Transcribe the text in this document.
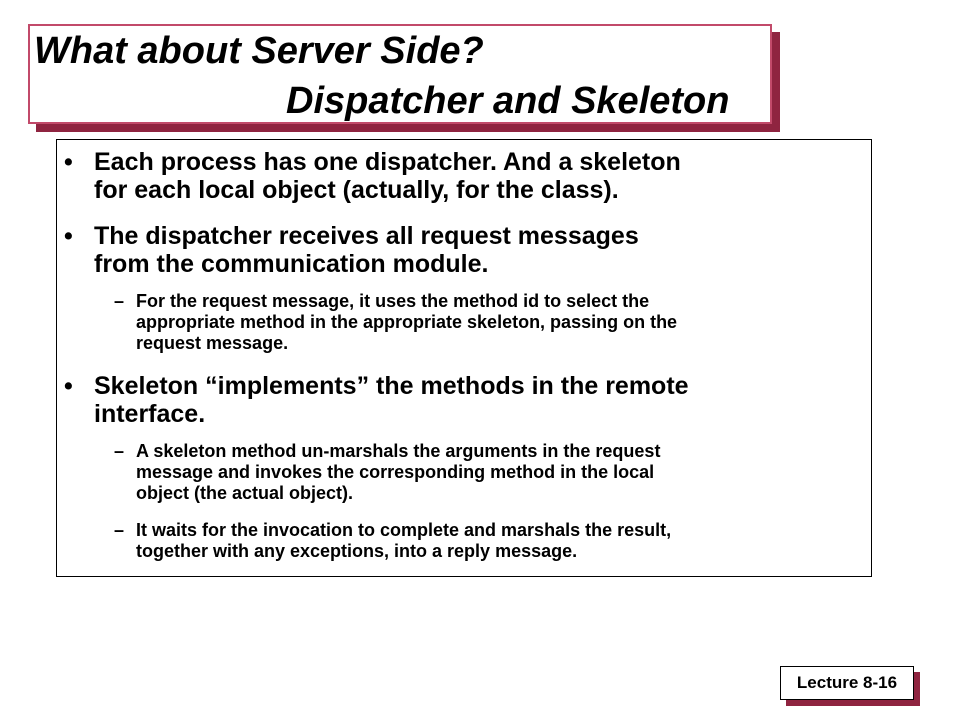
What about Server Side?
Dispatcher and Skeleton
• Each process has one dispatcher. And a skeleton
for each local object (actually, for the class).
• The dispatcher receives all request messages
from the communication module.
– For the request message, it uses the method id to select the
appropriate method in the appropriate skeleton, passing on the
request message.
• Skeleton “implements” the methods in the remote
interface.
– A skeleton method un-marshals the arguments in the request
message and invokes the corresponding method in the local
object (the actual object).
– It waits for the invocation to complete and marshals the result,
together with any exceptions, into a reply message.
Lecture 8-16
